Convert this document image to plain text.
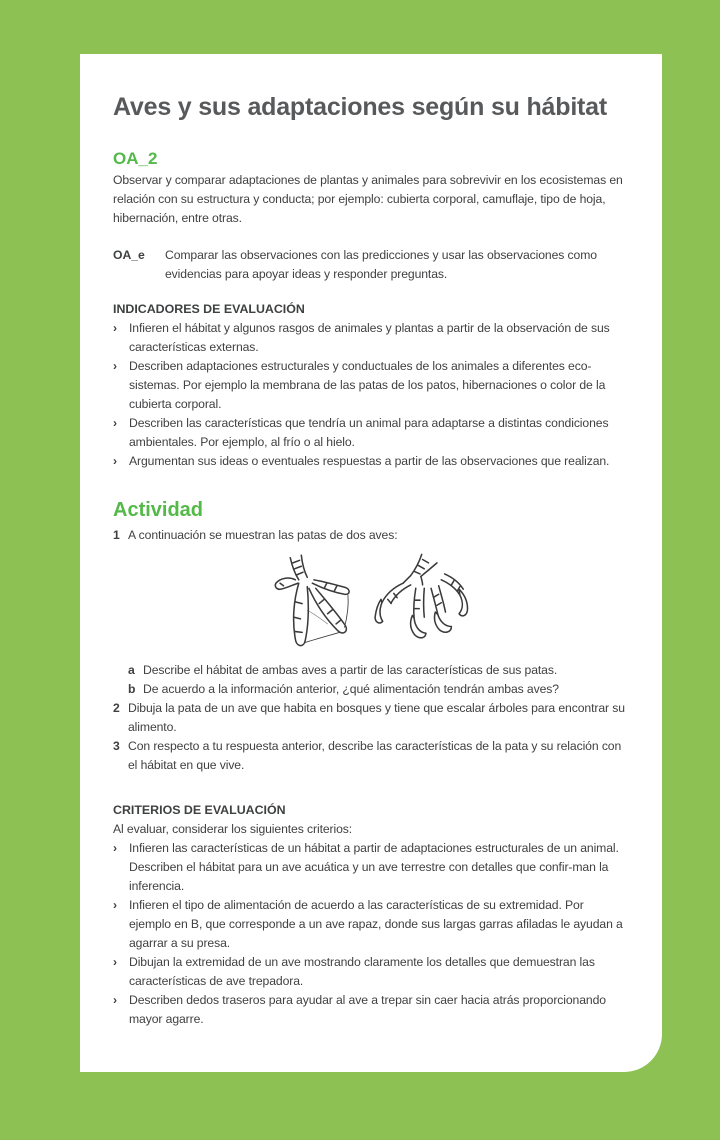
Aves y sus adaptaciones según su hábitat
OA_2

Observar y comparar adaptaciones de plantas y animales para sobrevivir en los ecosistemas en relación con su estructura y conducta; por ejemplo: cubierta corporal, camuflaje, tipo de hoja, hibernación, entre otras.

OA_e	Comparar las observaciones con las predicciones y usar las observaciones como evidencias para apoyar ideas y responder preguntas.
INDICADORES DE EVALUACIÓN
› Infieren el hábitat y algunos rasgos de animales y plantas a partir de la observación de sus características externas.
› Describen adaptaciones estructurales y conductuales de los animales a diferentes eco-sistemas. Por ejemplo la membrana de las patas de los patos, hibernaciones o color de la cubierta corporal.
› Describen las características que tendría un animal para adaptarse a distintas condiciones ambientales. Por ejemplo, al frío o al hielo.
› Argumentan sus ideas o eventuales respuestas a partir de las observaciones que realizan.
Actividad
1 A continuación se muestran las patas de dos aves:
a Describe el hábitat de ambas aves a partir de las características de sus patas.
b De acuerdo a la información anterior, ¿qué alimentación tendrán ambas aves?
2 Dibuja la pata de un ave que habita en bosques y tiene que escalar árboles para encontrar su alimento.
3 Con respecto a tu respuesta anterior, describe las características de la pata y su relación con el hábitat en que vive.
CRITERIOS DE EVALUACIÓN
Al evaluar, considerar los siguientes criterios:
› Infieren las características de un hábitat a partir de adaptaciones estructurales de un animal. Describen el hábitat para un ave acuática y un ave terrestre con detalles que confir-man la inferencia.
› Infieren el tipo de alimentación de acuerdo a las características de su extremidad. Por ejemplo en B, que corresponde a un ave rapaz, donde sus largas garras afiladas le ayudan a agarrar a su presa.
› Dibujan la extremidad de un ave mostrando claramente los detalles que demuestran las características de ave trepadora.
› Describen dedos traseros para ayudar al ave a trepar sin caer hacia atrás proporcionando mayor agarre.
